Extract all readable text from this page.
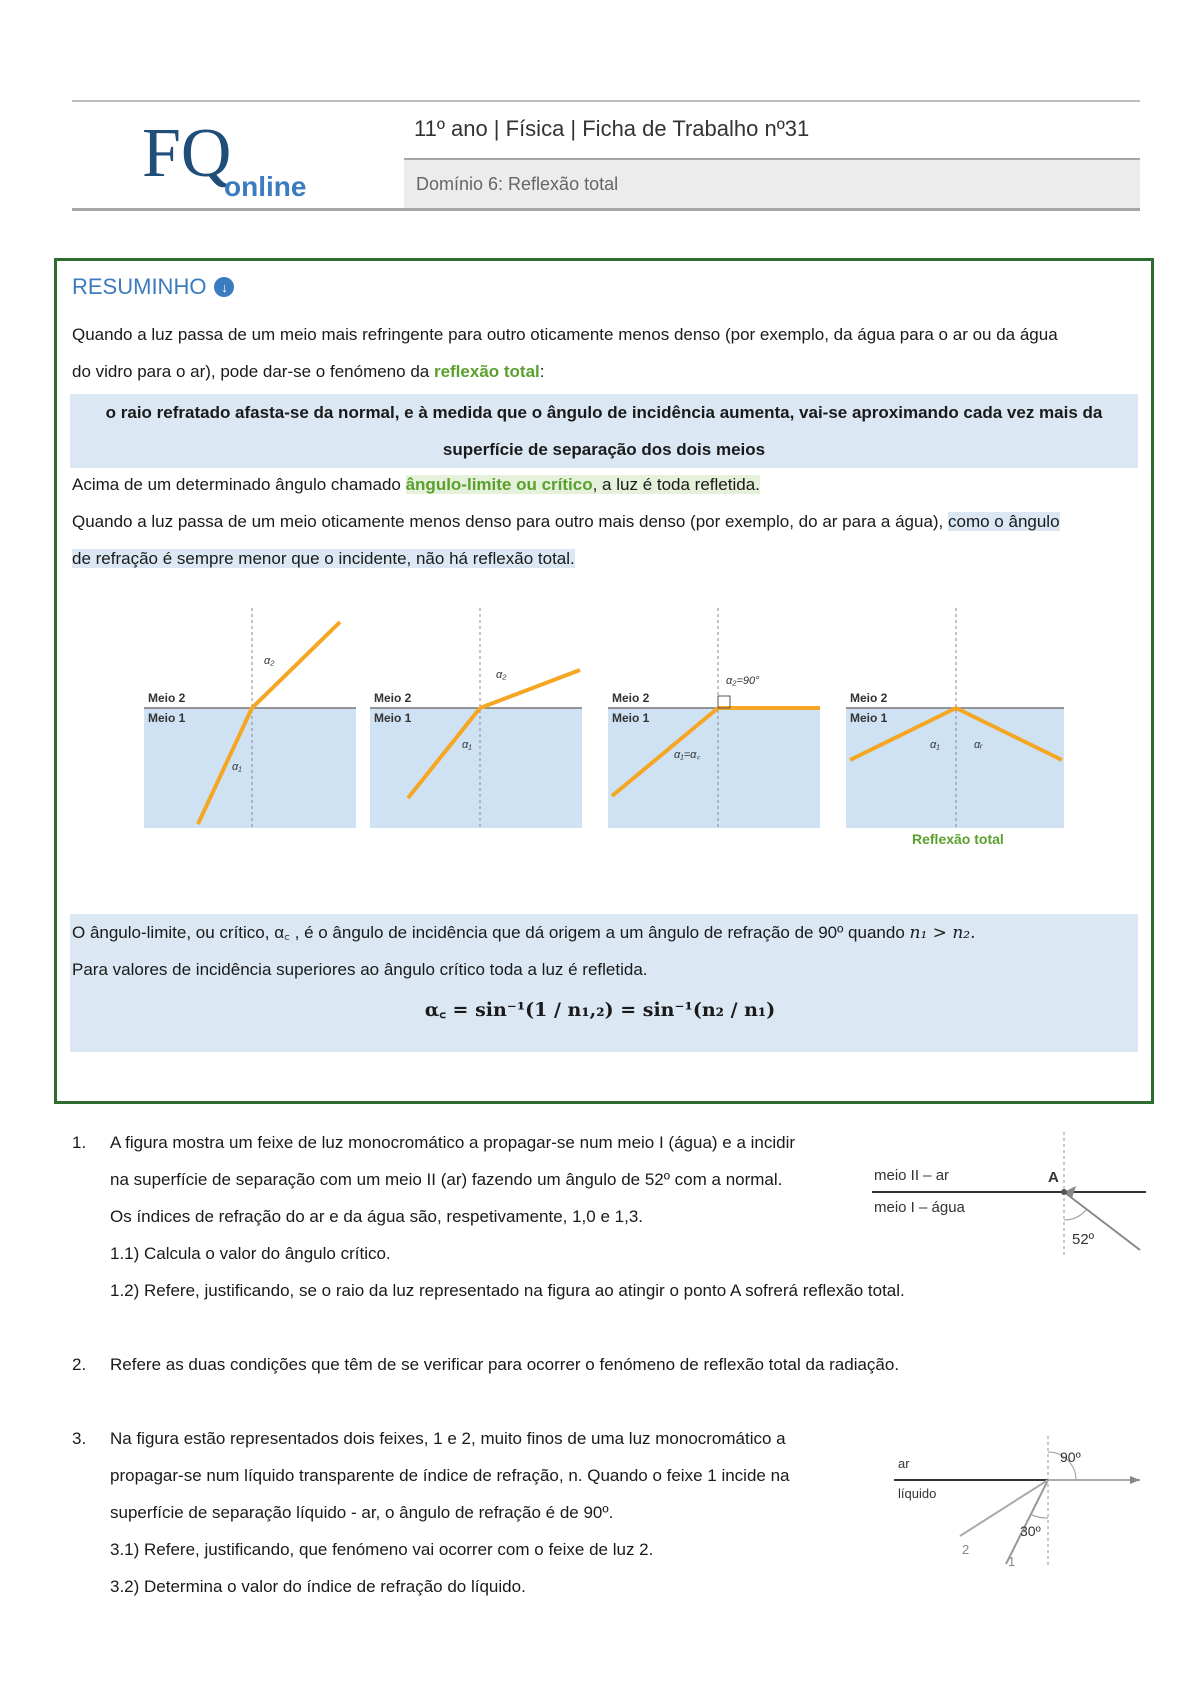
FQ
online
11º ano | Física | Ficha de Trabalho nº31
Domínio 6: Reflexão total
RESUMINHO	↓
Quando a luz passa de um meio mais refringente para outro oticamente menos denso (por exemplo, da água para o ar ou da água
do vidro para o ar), pode dar-se o fenómeno da reflexão total:
o raio refratado afasta-se da normal, e à medida que o ângulo de incidência aumenta, vai-se aproximando cada vez mais da
superfície de separação dos dois meios
Acima de um determinado ângulo chamado ângulo-limite ou crítico, a luz é toda refletida.
Quando a luz passa de um meio oticamente menos denso para outro mais denso (por exemplo, do ar para a água), como o ângulo
de refração é sempre menor que o incidente, não há reflexão total.
Meio 2
Meio 1
α₁
α₂
Meio 2
Meio 1
α₁
α₂
Meio 2
Meio 1
α₂=90°
α₁=α꜀
Meio 2
Meio 1
α₁	αᵣ
Reflexão total
O ângulo-limite, ou crítico, α꜀ , é o ângulo de incidência que dá origem a um ângulo de refração de 90º quando n₁ > n₂.
Para valores de incidência superiores ao ângulo crítico toda a luz é refletida.
α꜀ = sin⁻¹(1 / n₁,₂) = sin⁻¹(n₂ / n₁)
1. A figura mostra um feixe de luz monocromático a propagar-se num meio I (água) e a incidir
na superfície de separação com um meio II (ar) fazendo um ângulo de 52º com a normal.
Os índices de refração do ar e da água são, respetivamente, 1,0 e 1,3.
1.1) Calcula o valor do ângulo crítico.
1.2) Refere, justificando, se o raio da luz representado na figura ao atingir o ponto A sofrerá reflexão total.
meio II – ar
meio I – água
A
52º
2. Refere as duas condições que têm de se verificar para ocorrer o fenómeno de reflexão total da radiação.
3. Na figura estão representados dois feixes, 1 e 2, muito finos de uma luz monocromático a
propagar-se num líquido transparente de índice de refração, n. Quando o feixe 1 incide na
superfície de separação líquido - ar, o ângulo de refração é de 90º.
3.1) Refere, justificando, que fenómeno vai ocorrer com o feixe de luz 2.
3.2) Determina o valor do índice de refração do líquido.
ar
líquido
90º
30º
2
1
